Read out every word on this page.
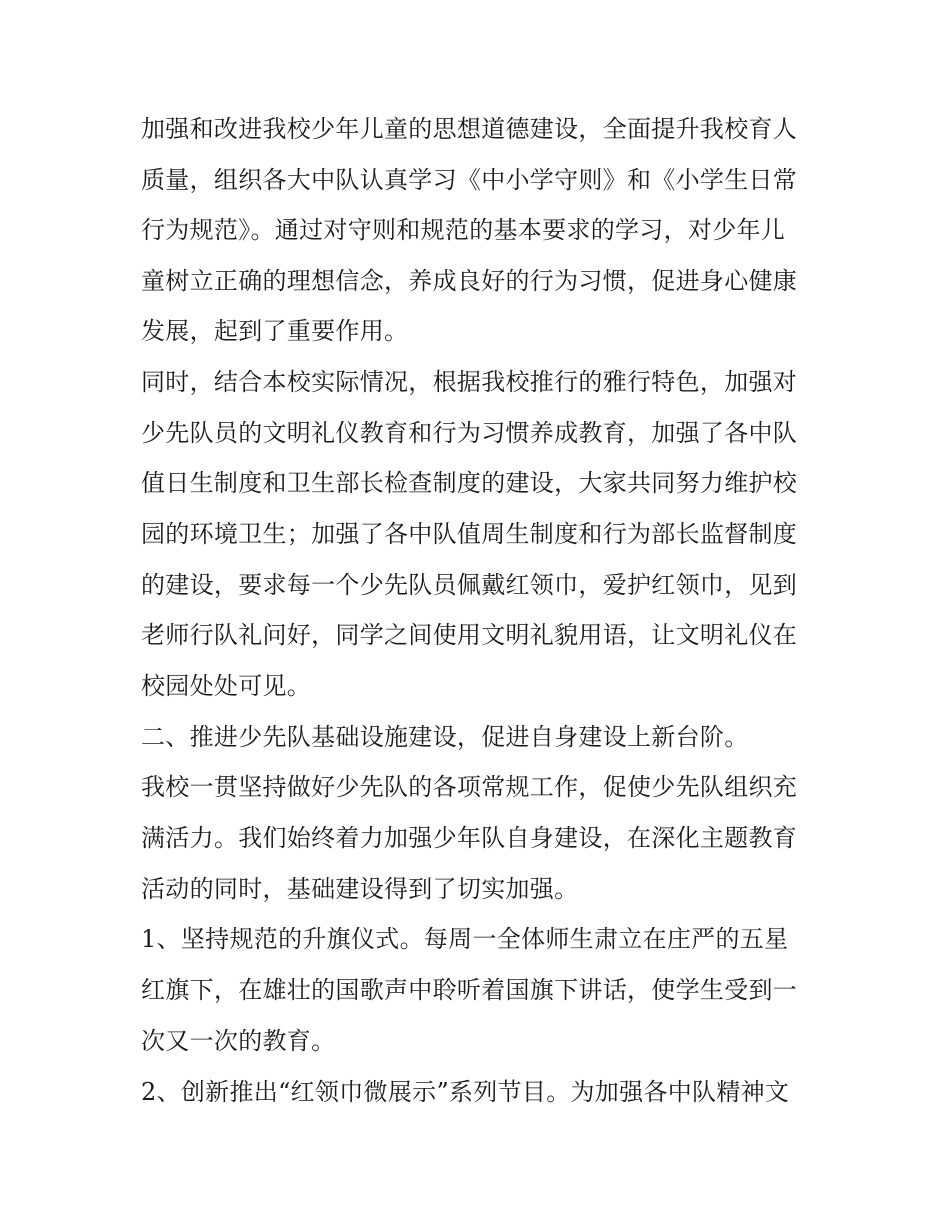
加强和改进我校少年儿童的思想道德建设，全面提升我校育人
质量，组织各大中队认真学习《中小学守则》和《小学生日常
行为规范》。通过对守则和规范的基本要求的学习，对少年儿
童树立正确的理想信念，养成良好的行为习惯，促进身心健康
发展，起到了重要作用。
同时，结合本校实际情况，根据我校推行的雅行特色，加强对
少先队员的文明礼仪教育和行为习惯养成教育，加强了各中队
值日生制度和卫生部长检查制度的建设，大家共同努力维护校
园的环境卫生；加强了各中队值周生制度和行为部长监督制度
的建设，要求每一个少先队员佩戴红领巾，爱护红领巾，见到
老师行队礼问好，同学之间使用文明礼貌用语，让文明礼仪在
校园处处可见。
二、推进少先队基础设施建设，促进自身建设上新台阶。
我校一贯坚持做好少先队的各项常规工作，促使少先队组织充
满活力。我们始终着力加强少年队自身建设，在深化主题教育
活动的同时，基础建设得到了切实加强。
1、坚持规范的升旗仪式。每周一全体师生肃立在庄严的五星
红旗下，在雄壮的国歌声中聆听着国旗下讲话，使学生受到一
次又一次的教育。
2、创新推出“红领巾微展示”系列节目。为加强各中队精神文
